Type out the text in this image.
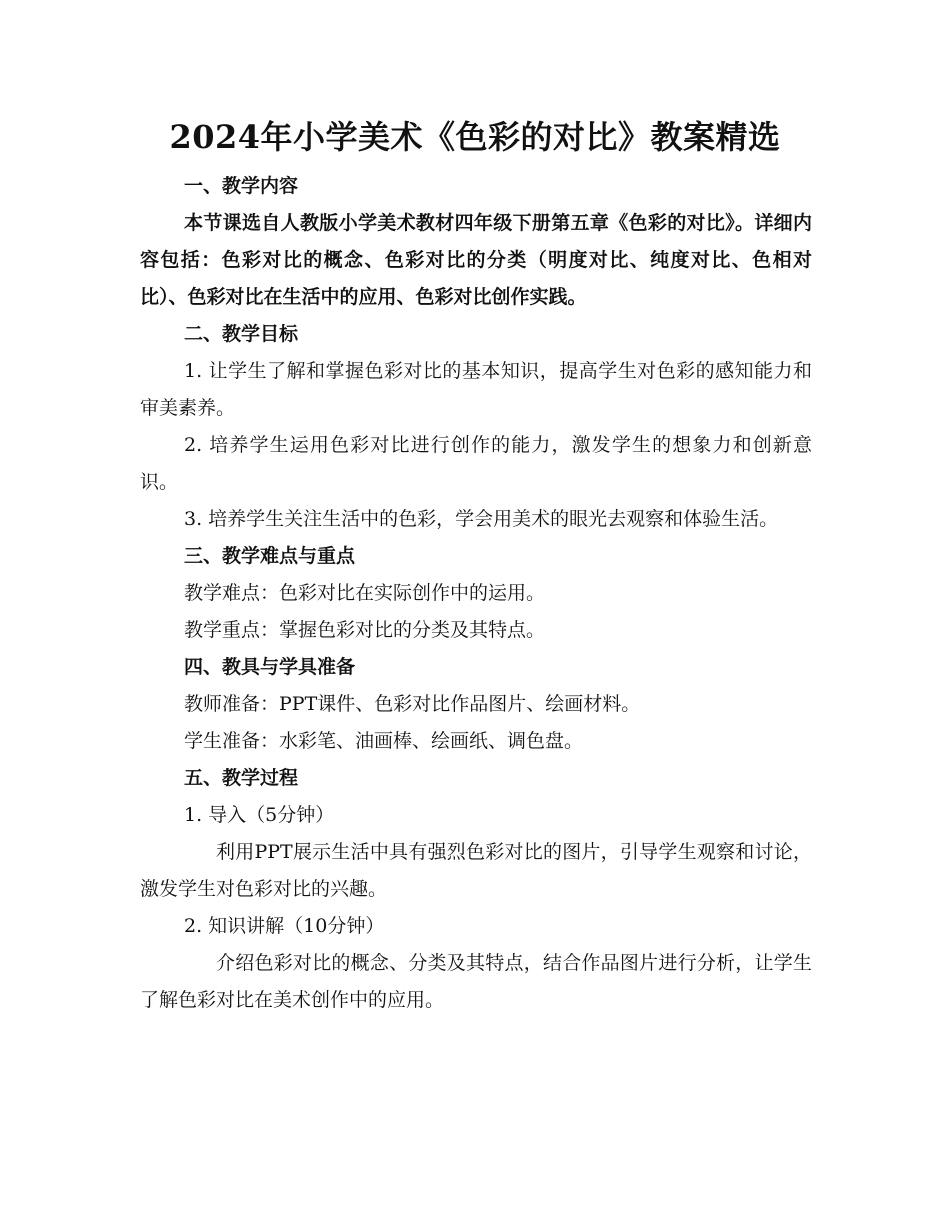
2024年小学美术《色彩的对比》教案精选

一、教学内容

本节课选自人教版小学美术教材四年级下册第五章《色彩的对比》。详细内容包括：色彩对比的概念、色彩对比的分类（明度对比、纯度对比、色相对比）、色彩对比在生活中的应用、色彩对比创作实践。

二、教学目标

1. 让学生了解和掌握色彩对比的基本知识，提高学生对色彩的感知能力和审美素养。

2. 培养学生运用色彩对比进行创作的能力，激发学生的想象力和创新意识。

3. 培养学生关注生活中的色彩，学会用美术的眼光去观察和体验生活。

三、教学难点与重点

教学难点：色彩对比在实际创作中的运用。

教学重点：掌握色彩对比的分类及其特点。

四、教具与学具准备

教师准备：PPT课件、色彩对比作品图片、绘画材料。

学生准备：水彩笔、油画棒、绘画纸、调色盘。

五、教学过程

1. 导入（5分钟）

利用PPT展示生活中具有强烈色彩对比的图片，引导学生观察和讨论，激发学生对色彩对比的兴趣。

2. 知识讲解（10分钟）

介绍色彩对比的概念、分类及其特点，结合作品图片进行分析，让学生了解色彩对比在美术创作中的应用。
